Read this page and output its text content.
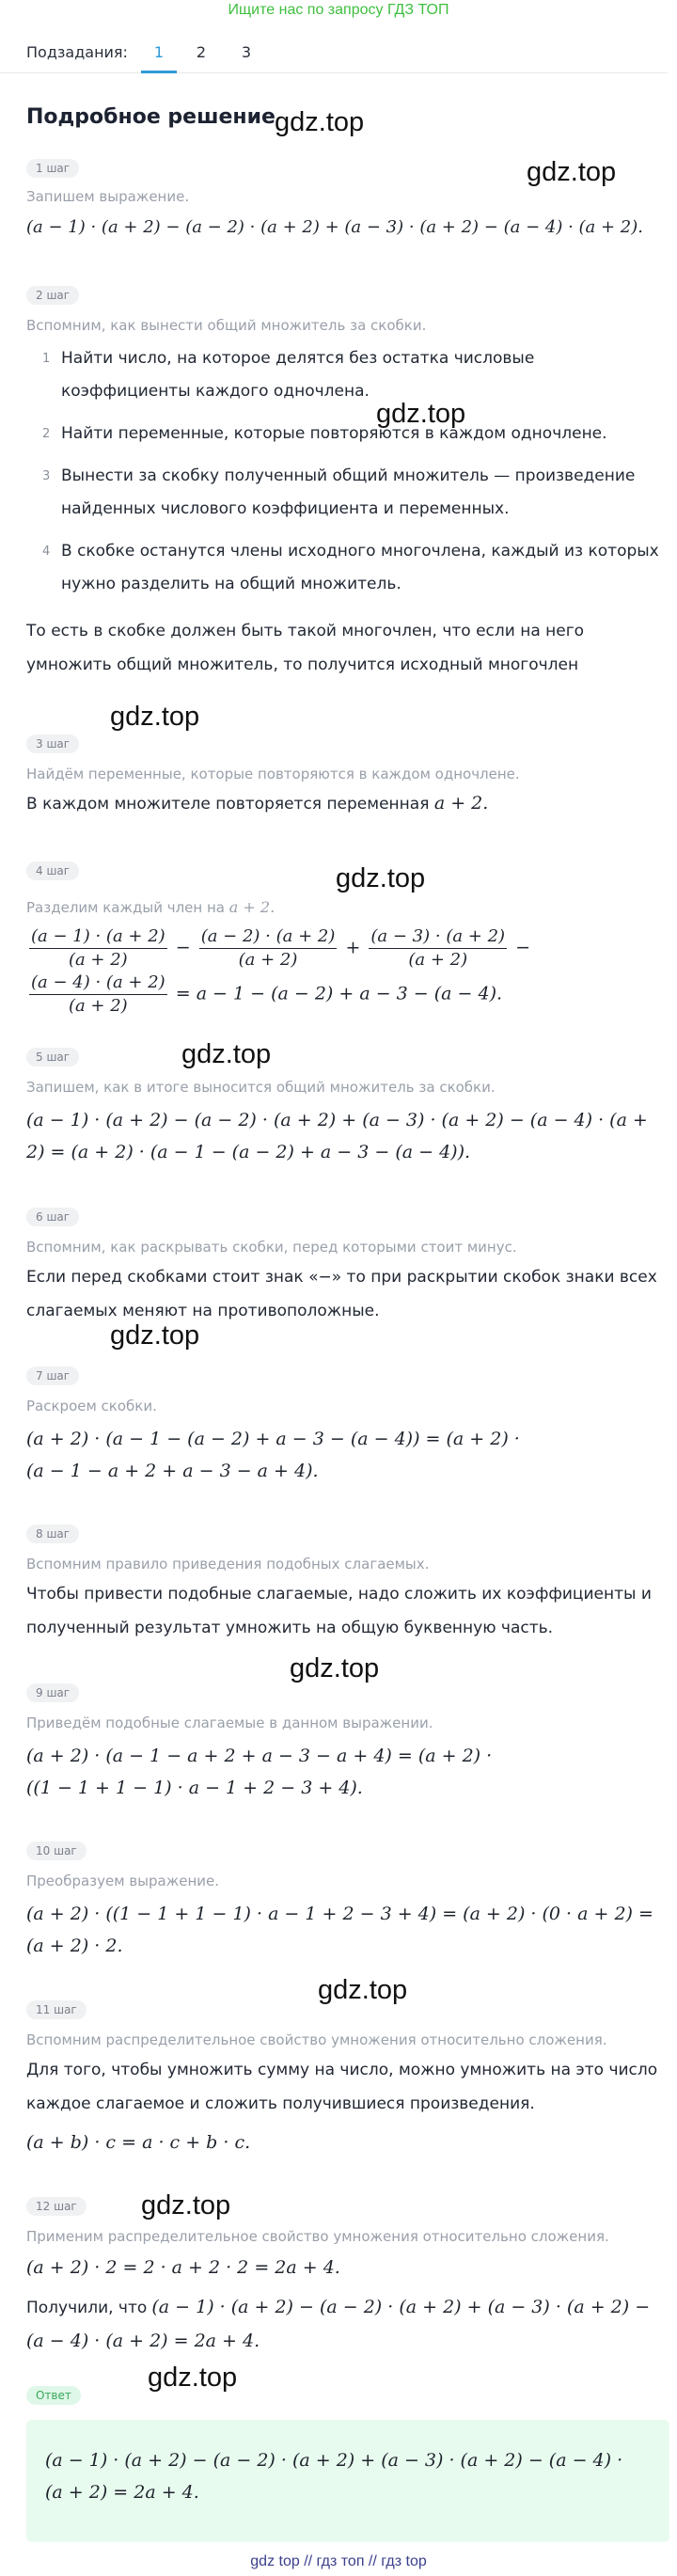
Ищите нас по запросу ГДЗ ТОП
Подзадания:	1	2	3
Подробное решение gdz.top
gdz.top
gdz.top
gdz.top
gdz.top
gdz.top
gdz.top
gdz.top
gdz.top
gdz.top
gdz.top
1 шаг
Запишем выражение.
(a − 1) · (a + 2) − (a − 2) · (a + 2) + (a − 3) · (a + 2) − (a − 4) · (a + 2).
2 шаг
Вспомним, как вынести общий множитель за скобки.
1 Найти число, на которое делятся без остатка числовые коэффициенты каждого одночлена.
2 Найти переменные, которые повторяются в каждом одночлене.
3 Вынести за скобку полученный общий множитель — произведение найденных числового коэффициента и переменных.
4 В скобке останутся члены исходного многочлена, каждый из которых нужно разделить на общий множитель.
То есть в скобке должен быть такой многочлен, что если на него умножить общий множитель, то получится исходный многочлен
3 шаг
Найдём переменные, которые повторяются в каждом одночлене.
В каждом множителе повторяется переменная a + 2.
4 шаг
Разделим каждый член на a + 2.
$\frac{(a - 1) \cdot (a + 2)}{(a + 2)} - \frac{(a - 2) \cdot (a + 2)}{(a + 2)} + \frac{(a - 3) \cdot (a + 2)}{(a + 2)}$ −
$\frac{(a - 4) \cdot (a + 2)}{(a + 2)} = a - 1 - (a - 2) + a - 3 - (a - 4)$.
5 шаг
Запишем, как в итоге выносится общий множитель за скобки.
(a − 1) · (a + 2) − (a − 2) · (a + 2) + (a − 3) · (a + 2) − (a − 4) · (a +
2) = (a + 2) · (a − 1 − (a − 2) + a − 3 − (a − 4)).
6 шаг
Вспомним, как раскрывать скобки, перед которыми стоит минус.
Если перед скобками стоит знак «−» то при раскрытии скобок знаки всех слагаемых меняют на противоположные.
7 шаг
Раскроем скобки.
(a + 2) · (a − 1 − (a − 2) + a − 3 − (a − 4)) = (a + 2) ·
(a − 1 − a + 2 + a − 3 − a + 4).
8 шаг
Вспомним правило приведения подобных слагаемых.
Чтобы привести подобные слагаемые, надо сложить их коэффициенты и полученный результат умножить на общую буквенную часть.
9 шаг
Приведём подобные слагаемые в данном выражении.
(a + 2) · (a − 1 − a + 2 + a − 3 − a + 4) = (a + 2) ·
((1 − 1 + 1 − 1) · a − 1 + 2 − 3 + 4).
10 шаг
Преобразуем выражение.
(a + 2) · ((1 − 1 + 1 − 1) · a − 1 + 2 − 3 + 4) = (a + 2) · (0 · a + 2) =
(a + 2) · 2.
11 шаг
Вспомним распределительное свойство умножения относительно сложения.
Для того, чтобы умножить сумму на число, можно умножить на это число каждое слагаемое и сложить получившиеся произведения.
(a + b) · c = a · c + b · c.
12 шаг
Применим распределительное свойство умножения относительно сложения.
(a + 2) · 2 = 2 · a + 2 · 2 = 2a + 4.
Получили, что (a − 1) · (a + 2) − (a − 2) · (a + 2) + (a − 3) · (a + 2) −
(a − 4) · (a + 2) = 2a + 4.
Ответ
(a − 1) · (a + 2) − (a − 2) · (a + 2) + (a − 3) · (a + 2) − (a − 4) ·
(a + 2) = 2a + 4.
gdz top // гдз топ // гдз top
